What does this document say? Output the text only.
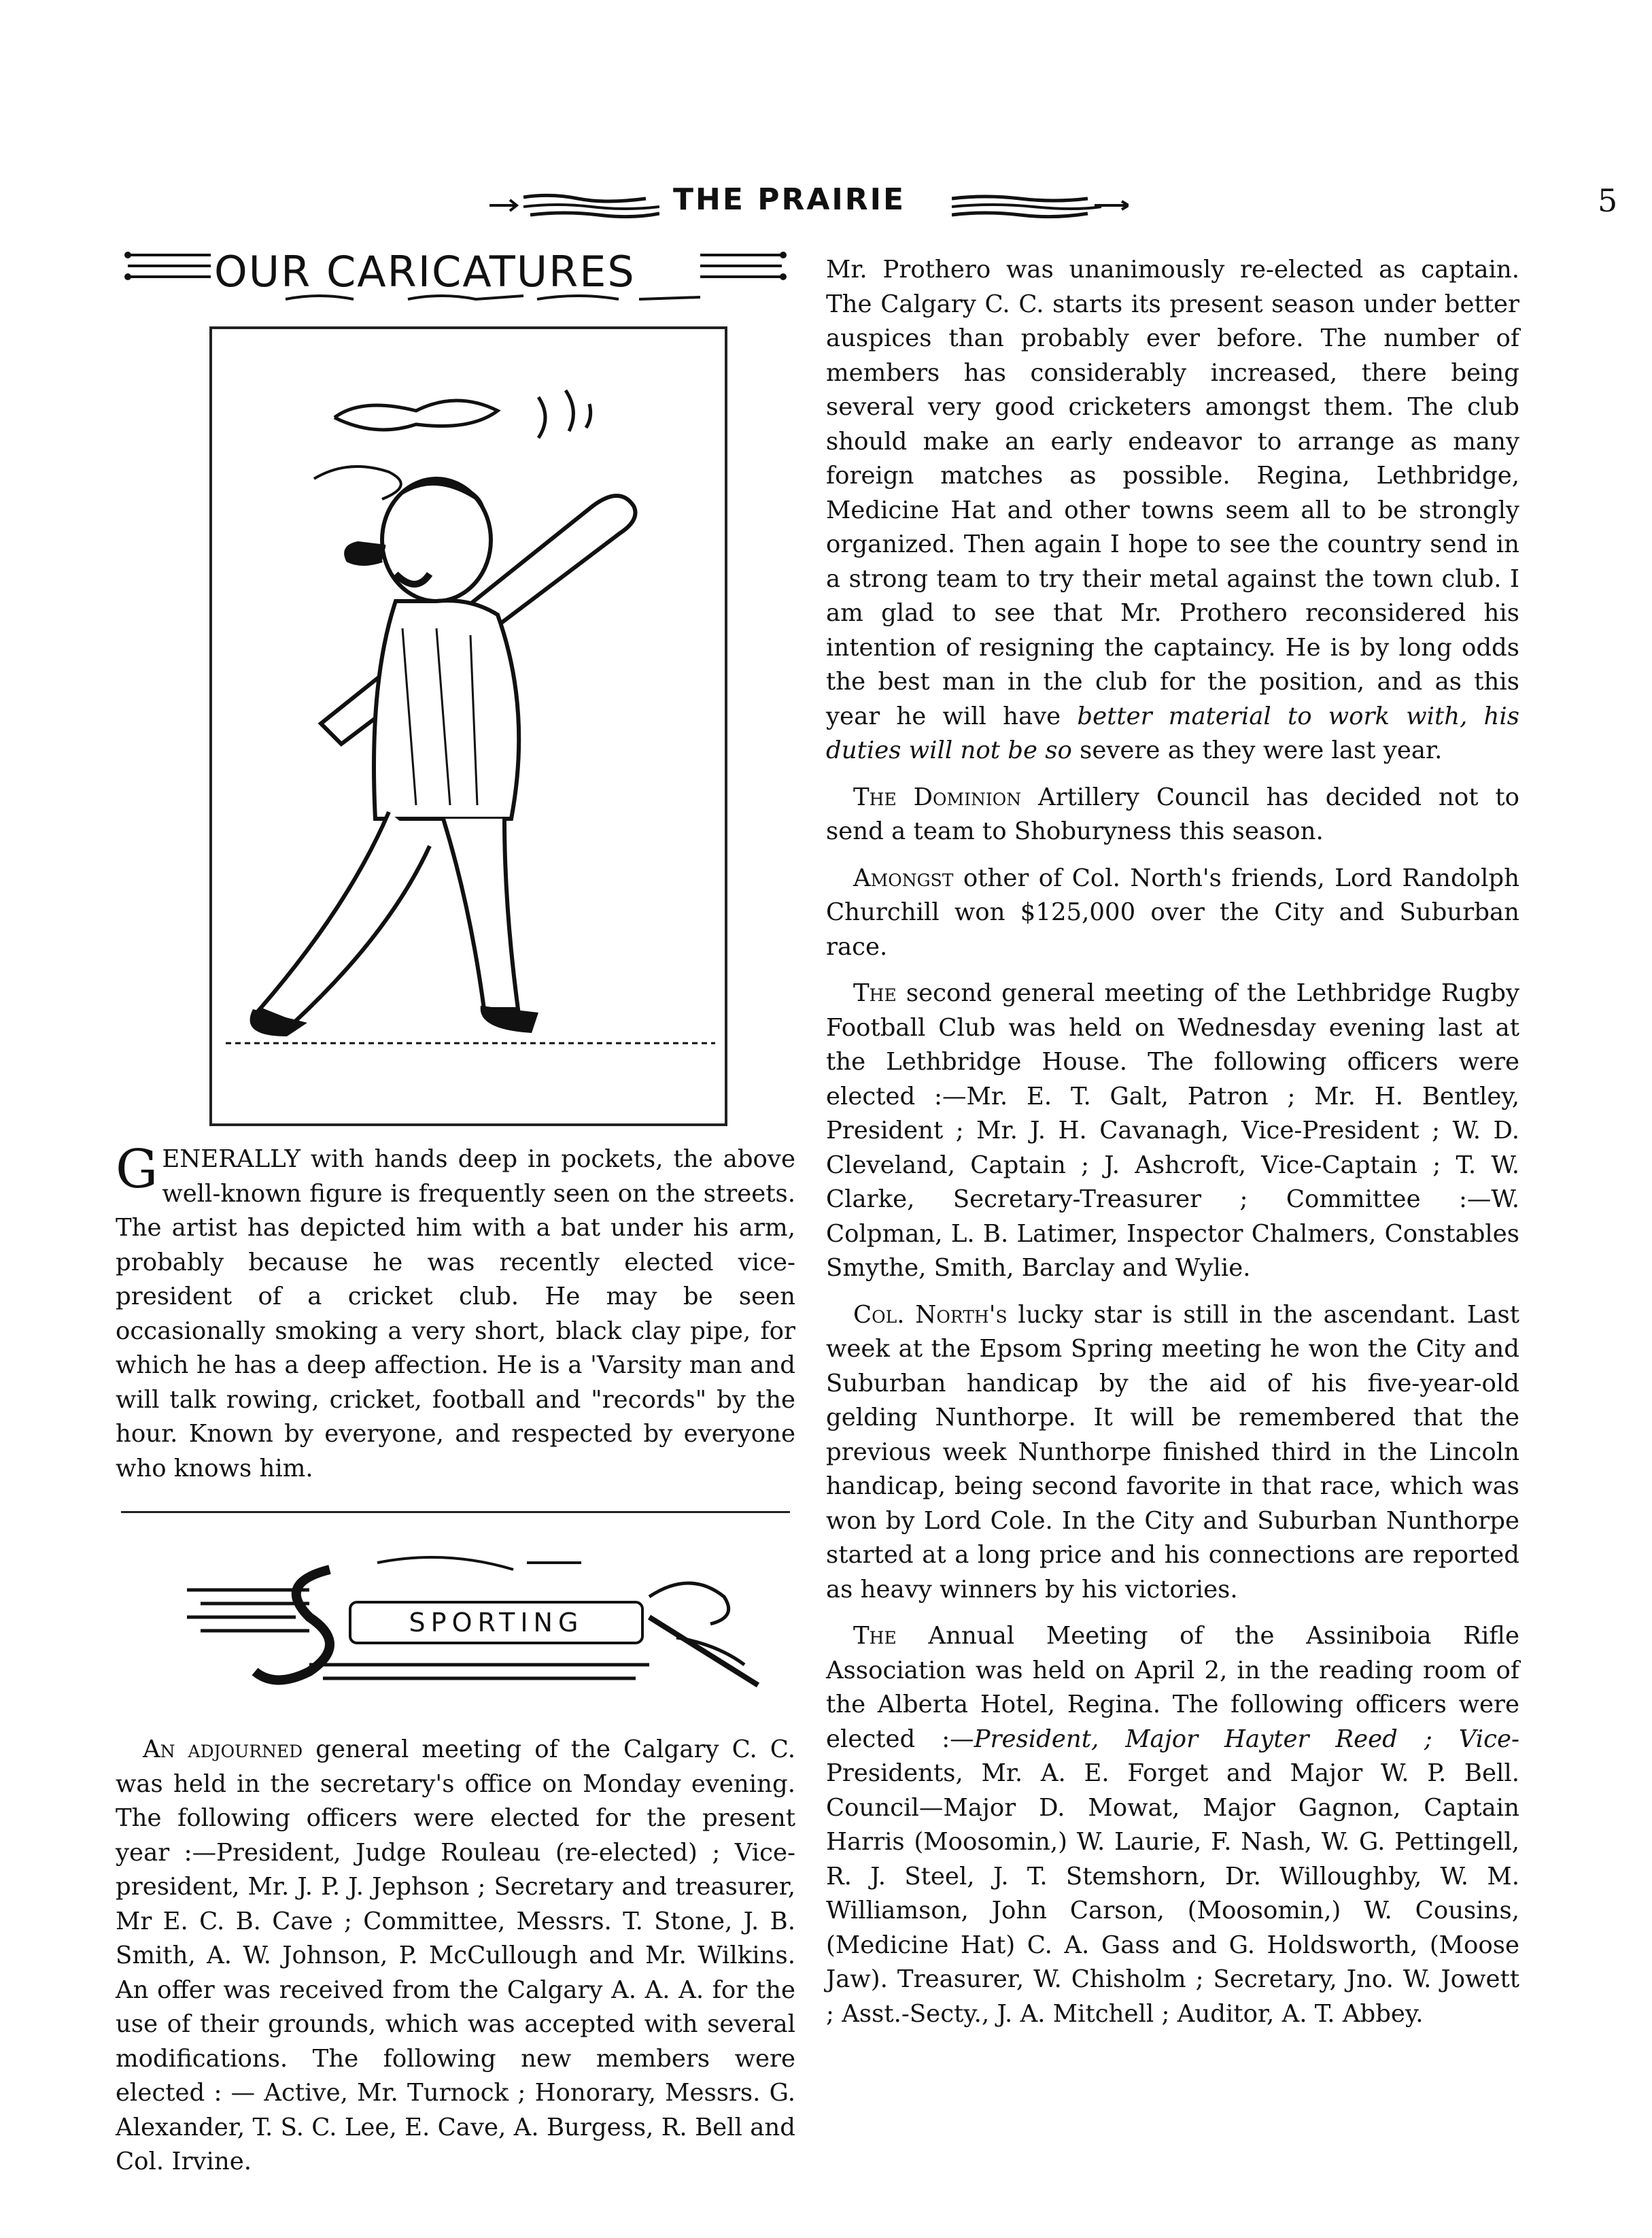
THE PRAIRIE	5
OUR CARICATURES

GENERALLY with hands deep in pockets, the above well-known figure is frequently seen on the streets. The artist has depicted him with a bat under his arm, probably because he was recently elected vice-president of a cricket club. He may be seen occasionally smoking a very short, black clay pipe, for which he has a deep affection. He is a 'Varsity man and will talk rowing, cricket, football and "records" by the hour. Known by everyone, and respected by everyone who knows him.

SPORTING

An adjourned general meeting of the Calgary C. C. was held in the secretary's office on Monday evening. The following officers were elected for the present year :—President, Judge Rouleau (re-elected) ; Vice-president, Mr. J. P. J. Jephson ; Secretary and treasurer, Mr E. C. B. Cave ; Committee, Messrs. T. Stone, J. B. Smith, A. W. Johnson, P. McCullough and Mr. Wilkins. An offer was received from the Calgary A. A. A. for the use of their grounds, which was accepted with several modifications. The following new members were elected : — Active, Mr. Turnock ; Honorary, Messrs. G. Alexander, T. S. C. Lee, E. Cave, A. Burgess, R. Bell and Col. Irvine.

Mr. Prothero was unanimously re-elected as captain. The Calgary C. C. starts its present season under better auspices than probably ever before. The number of members has considerably increased, there being several very good cricketers amongst them. The club should make an early endeavor to arrange as many foreign matches as possible. Regina, Lethbridge, Medicine Hat and other towns seem all to be strongly organized. Then again I hope to see the country send in a strong team to try their metal against the town club. I am glad to see that Mr. Prothero reconsidered his intention of resigning the captaincy. He is by long odds the best man in the club for the position, and as this year he will have better material to work with, his duties will not be so severe as they were last year.

The Dominion Artillery Council has decided not to send a team to Shoburyness this season.

Amongst other of Col. North's friends, Lord Randolph Churchill won $125,000 over the City and Suburban race.

The second general meeting of the Lethbridge Rugby Football Club was held on Wednesday evening last at the Lethbridge House. The following officers were elected :—Mr. E. T. Galt, Patron ; Mr. H. Bentley, President ; Mr. J. H. Cavanagh, Vice-President ; W. D. Cleveland, Captain ; J. Ashcroft, Vice-Captain ; T. W. Clarke, Secretary-Treasurer ; Committee :—W. Colpman, L. B. Latimer, Inspector Chalmers, Constables Smythe, Smith, Barclay and Wylie.

Col. North's lucky star is still in the ascendant. Last week at the Epsom Spring meeting he won the City and Suburban handicap by the aid of his five-year-old gelding Nunthorpe. It will be remembered that the previous week Nunthorpe finished third in the Lincoln handicap, being second favorite in that race, which was won by Lord Cole. In the City and Suburban Nunthorpe started at a long price and his connections are reported as heavy winners by his victories.

The Annual Meeting of the Assiniboia Rifle Association was held on April 2, in the reading room of the Alberta Hotel, Regina. The following officers were elected :—President, Major Hayter Reed ; Vice-Presidents, Mr. A. E. Forget and Major W. P. Bell. Council—Major D. Mowat, Major Gagnon, Captain Harris (Moosomin,) W. Laurie, F. Nash, W. G. Pettingell, R. J. Steel, J. T. Stemshorn, Dr. Willoughby, W. M. Williamson, John Carson, (Moosomin,) W. Cousins, (Medicine Hat) C. A. Gass and G. Holdsworth, (Moose Jaw). Treasurer, W. Chisholm ; Secretary, Jno. W. Jowett ; Asst.-Secty., J. A. Mitchell ; Auditor, A. T. Abbey.
